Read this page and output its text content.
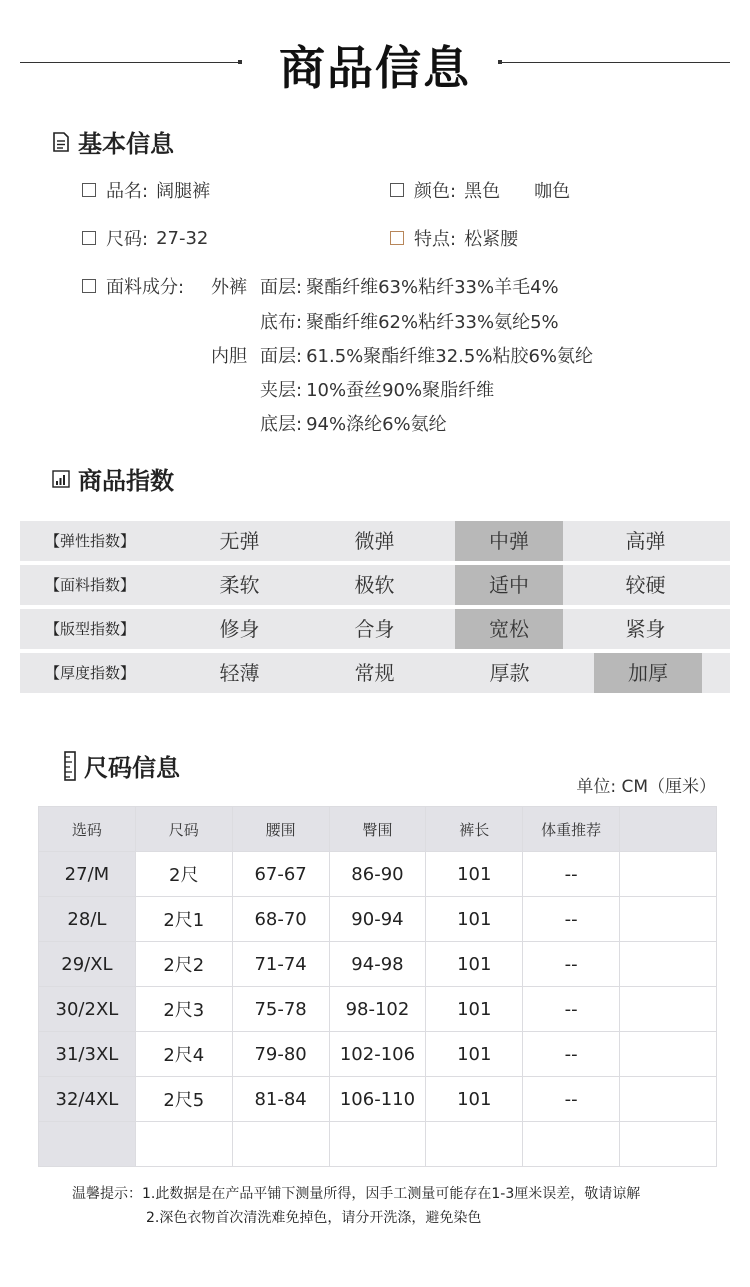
商品信息
基本信息
品名: 阔腿裤	颜色: 黑色 咖色
尺码: 27-32	特点: 松紧腰
面料成分: 外裤 面层: 聚酯纤维63%粘纤33%羊毛4%
底布: 聚酯纤维62%粘纤33%氨纶5%
内胆 面层: 61.5%聚酯纤维32.5%粘胶6%氨纶
夹层: 10%蚕丝90%聚脂纤维
底层: 94%涤纶6%氨纶
商品指数
【弹性指数】	无弹	微弹	中弹	高弹
【面料指数】	柔软	极软	适中	较硬
【版型指数】	修身	合身	宽松	紧身
【厚度指数】	轻薄	常规	厚款	加厚
尺码信息
单位: CM（厘米）
选码	尺码	腰围	臀围	裤长	体重推荐	
27/M	2尺	67-67	86-90	101	--	
28/L	2尺1	68-70	90-94	101	--	
29/XL	2尺2	71-74	94-98	101	--	
30/2XL	2尺3	75-78	98-102	101	--	
31/3XL	2尺4	79-80	102-106	101	--	
32/4XL	2尺5	81-84	106-110	101	--	

温馨提示：1.此数据是在产品平铺下测量所得，因手工测量可能存在1-3厘米误差，敬请谅解
2.深色衣物首次清洗难免掉色，请分开洗涤，避免染色
